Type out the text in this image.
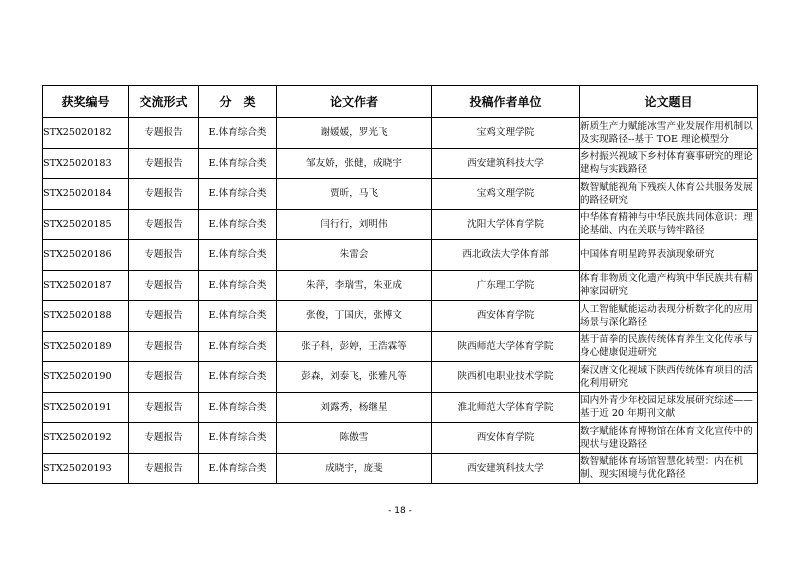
获奖编号	交流形式	分　类	论文作者	投稿作者单位	论文题目
STX25020182	专题报告	E.体育综合类	谢媛媛，罗光飞	宝鸡文理学院	新质生产力赋能冰雪产业发展作用机制以及实现路径--基于 TOE 理论模型分
STX25020183	专题报告	E.体育综合类	邹友娇，张健，成晓宇	西安建筑科技大学	乡村振兴视域下乡村体育赛事研究的理论建构与实践路径
STX25020184	专题报告	E.体育综合类	贾昕，马飞	宝鸡文理学院	数智赋能视角下残疾人体育公共服务发展的路径研究
STX25020185	专题报告	E.体育综合类	闫行行，刘明伟	沈阳大学体育学院	中华体育精神与中华民族共同体意识：理论基础、内在关联与铸牢路径
STX25020186	专题报告	E.体育综合类	朱雷会	西北政法大学体育部	中国体育明星跨界表演现象研究
STX25020187	专题报告	E.体育综合类	朱萍，李瑞雪，朱亚成	广东理工学院	体育非物质文化遗产构筑中华民族共有精神家园研究
STX25020188	专题报告	E.体育综合类	张俊，丁国庆，张博文	西安体育学院	人工智能赋能运动表现分析数字化的应用场景与深化路径
STX25020189	专题报告	E.体育综合类	张子科，彭婷，王浩霖等	陕西师范大学体育学院	基于苗拳的民族传统体育养生文化传承与身心健康促进研究
STX25020190	专题报告	E.体育综合类	彭森，刘泰飞，张雅凡等	陕西机电职业技术学院	秦汉唐文化视域下陕西传统体育项目的活化利用研究
STX25020191	专题报告	E.体育综合类	刘露秀，杨继星	淮北师范大学体育学院	国内外青少年校园足球发展研究综述——基于近 20 年期刊文献
STX25020192	专题报告	E.体育综合类	陈傲雪	西安体育学院	数字赋能体育博物馆在体育文化宣传中的现状与建设路径
STX25020193	专题报告	E.体育综合类	成晓宇，庞斐	西安建筑科技大学	数智赋能体育场馆智慧化转型：内在机制、现实困境与优化路径
- 18 -
